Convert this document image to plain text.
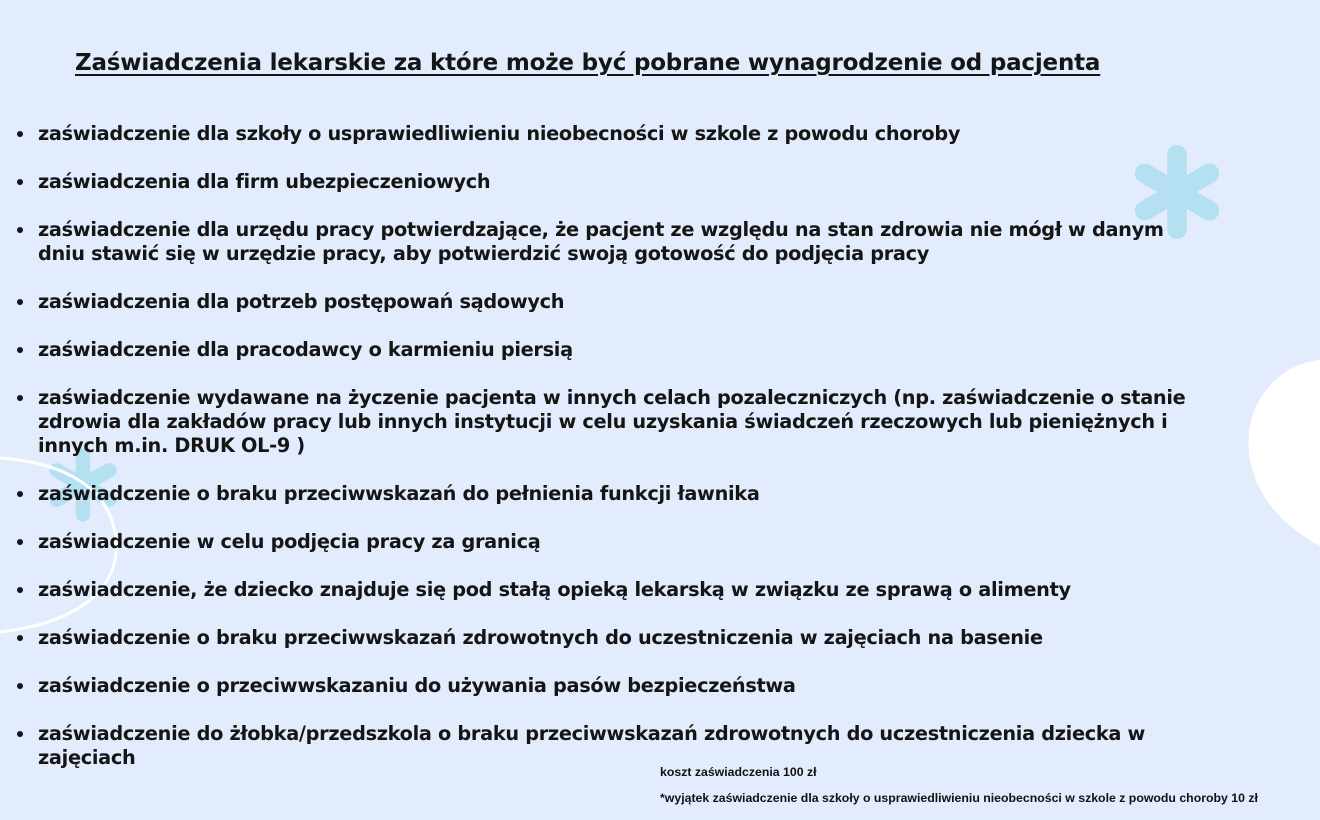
Zaświadczenia lekarskie za które może być pobrane wynagrodzenie od pacjenta
zaświadczenie dla szkoły o usprawiedliwieniu nieobecności w szkole z powodu choroby
zaświadczenia dla firm ubezpieczeniowych
zaświadczenie dla urzędu pracy potwierdzające, że pacjent ze względu na stan zdrowia nie mógł w danym dniu stawić się w urzędzie pracy, aby potwierdzić swoją gotowość do podjęcia pracy
zaświadczenia dla potrzeb postępowań sądowych
zaświadczenie dla pracodawcy o karmieniu piersią
zaświadczenie wydawane na życzenie pacjenta w innych celach pozaleczniczych (np. zaświadczenie o stanie zdrowia dla zakładów pracy lub innych instytucji w celu uzyskania świadczeń rzeczowych lub pieniężnych i innych m.in. DRUK OL-9 )
zaświadczenie o braku przeciwwskazań do pełnienia funkcji ławnika
zaświadczenie w celu podjęcia pracy za granicą
zaświadczenie, że dziecko znajduje się pod stałą opieką lekarską w związku ze sprawą o alimenty
zaświadczenie o braku przeciwwskazań zdrowotnych do uczestniczenia w zajęciach na basenie
zaświadczenie o przeciwwskazaniu do używania pasów bezpieczeństwa
zaświadczenie do żłobka/przedszkola o braku przeciwwskazań zdrowotnych do uczestniczenia dziecka w zajęciach

koszt zaświadczenia 100 zł

*wyjątek zaświadczenie dla szkoły o usprawiedliwieniu nieobecności w szkole z powodu choroby 10 zł
